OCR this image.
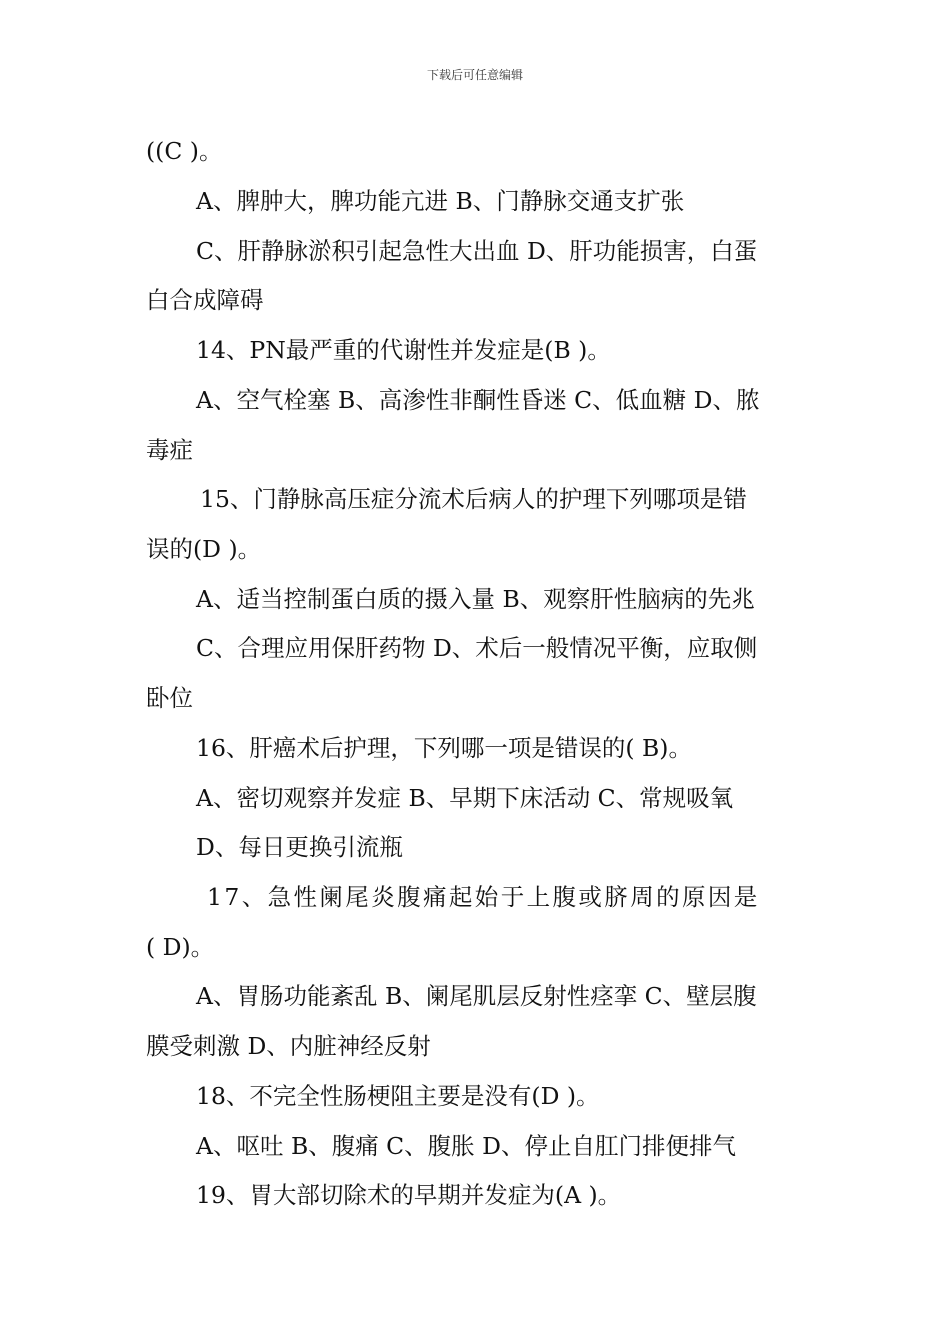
下载后可任意编辑
((C )。
A、脾肿大，脾功能亢进 B、门静脉交通支扩张
C、肝静脉淤积引起急性大出血 D、肝功能损害，白蛋
白合成障碍
14、PN最严重的代谢性并发症是(B )。
A、空气栓塞 B、高渗性非酮性昏迷 C、低血糖 D、脓
毒症
15、门静脉高压症分流术后病人的护理下列哪项是错
误的(D )。
A、适当控制蛋白质的摄入量 B、观察肝性脑病的先兆
C、合理应用保肝药物 D、术后一般情况平衡，应取侧
卧位
16、肝癌术后护理，下列哪一项是错误的( B)。
A、密切观察并发症 B、早期下床活动 C、常规吸氧
D、每日更换引流瓶
17、急性阑尾炎腹痛起始于上腹或脐周的原因是
( D)。
A、胃肠功能紊乱 B、阑尾肌层反射性痉挛 C、壁层腹
膜受刺激 D、内脏神经反射
18、不完全性肠梗阻主要是没有(D )。
A、呕吐 B、腹痛 C、腹胀 D、停止自肛门排便排气
19、胃大部切除术的早期并发症为(A )。
